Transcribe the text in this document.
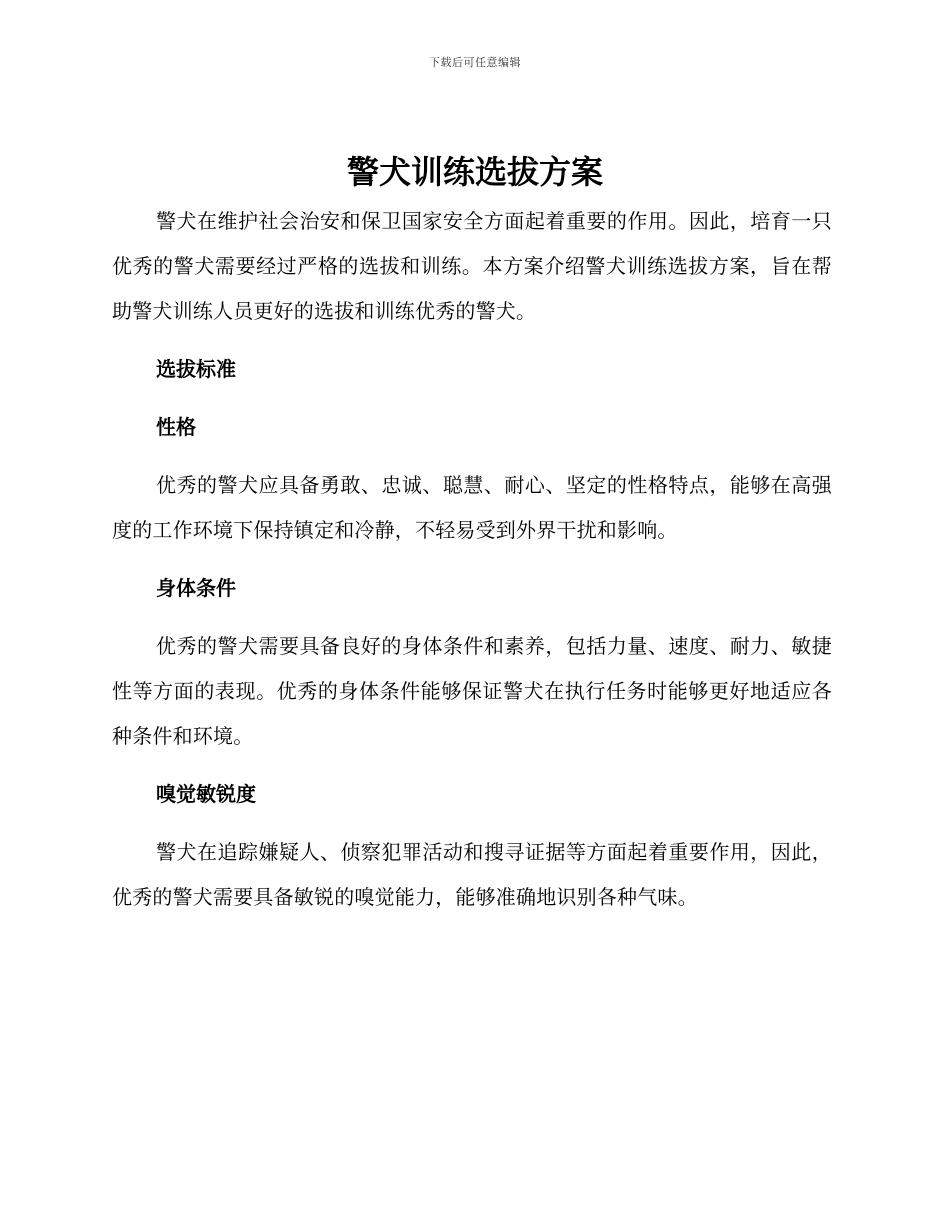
下载后可任意编辑
警犬训练选拔方案

警犬在维护社会治安和保卫国家安全方面起着重要的作用。因此，培育一只优秀的警犬需要经过严格的选拔和训练。本方案介绍警犬训练选拔方案，旨在帮助警犬训练人员更好的选拔和训练优秀的警犬。

选拔标准
性格

优秀的警犬应具备勇敢、忠诚、聪慧、耐心、坚定的性格特点，能够在高强度的工作环境下保持镇定和冷静，不轻易受到外界干扰和影响。

身体条件

优秀的警犬需要具备良好的身体条件和素养，包括力量、速度、耐力、敏捷性等方面的表现。优秀的身体条件能够保证警犬在执行任务时能够更好地适应各种条件和环境。

嗅觉敏锐度

警犬在追踪嫌疑人、侦察犯罪活动和搜寻证据等方面起着重要作用，因此，优秀的警犬需要具备敏锐的嗅觉能力，能够准确地识别各种气味。
